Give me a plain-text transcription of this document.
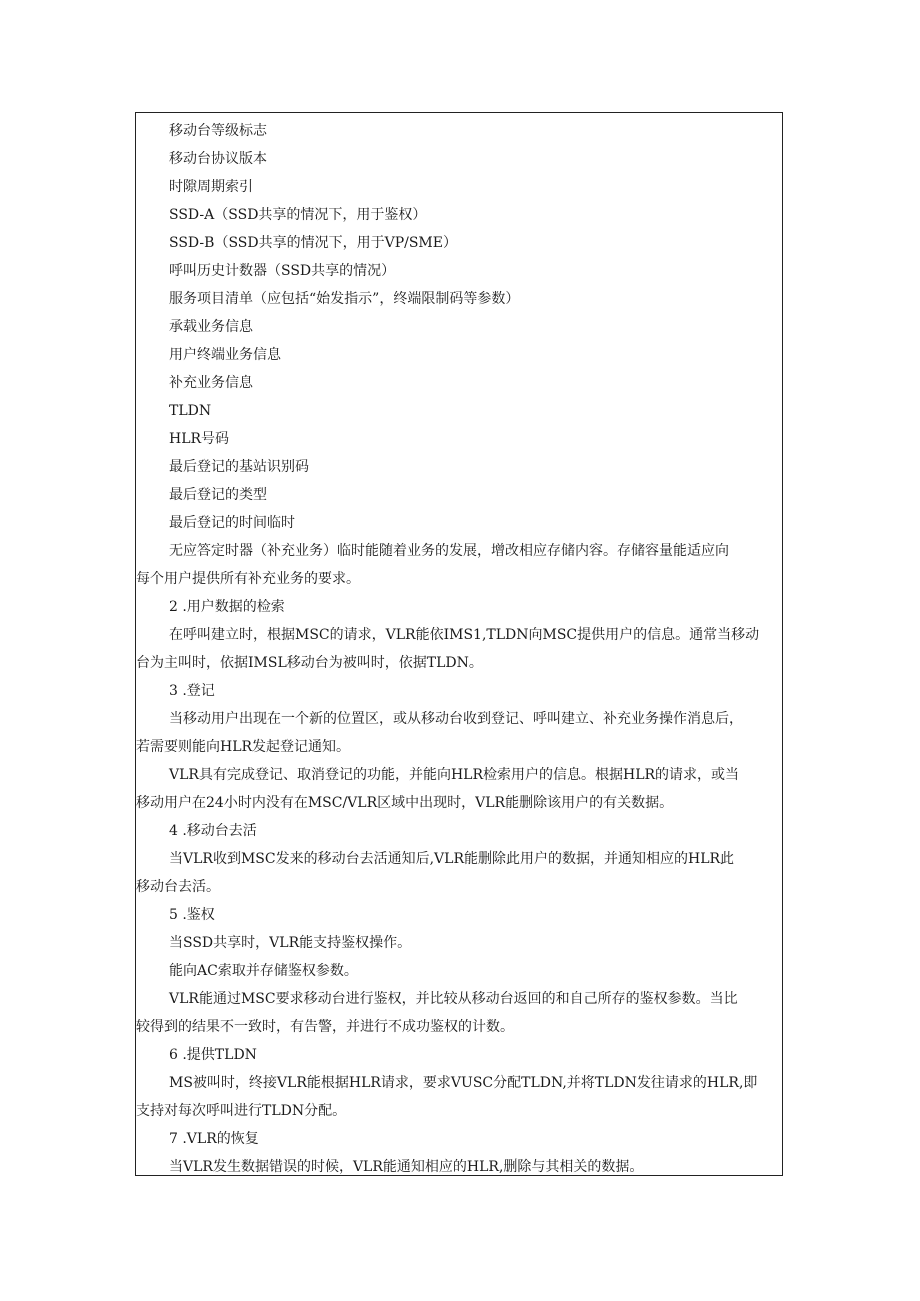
移动台等级标志

移动台协议版本

时隙周期索引

SSD-A（SSD共享的情况下，用于鉴权）

SSD-B（SSD共享的情况下，用于VP/SME）

呼叫历史计数器（SSD共享的情况）

服务项目清单（应包括“始发指示”，终端限制码等参数）

承载业务信息

用户终端业务信息

补充业务信息

TLDN

HLR号码

最后登记的基站识别码

最后登记的类型

最后登记的时间临时

无应答定时器（补充业务）临时能随着业务的发展，增改相应存储内容。存储容量能适应向

每个用户提供所有补充业务的要求。

2 .用户数据的检索

在呼叫建立时，根据MSC的请求，VLR能依IMS1,TLDN向MSC提供用户的信息。通常当移动

台为主叫时，依据IMSL移动台为被叫时，依据TLDN。

3 .登记

当移动用户出现在一个新的位置区，或从移动台收到登记、呼叫建立、补充业务操作消息后，

若需要则能向HLR发起登记通知。

VLR具有完成登记、取消登记的功能，并能向HLR检索用户的信息。根据HLR的请求，或当

移动用户在24小时内没有在MSC/VLR区域中出现时，VLR能删除该用户的有关数据。

4 .移动台去活

当VLR收到MSC发来的移动台去活通知后,VLR能删除此用户的数据，并通知相应的HLR此

移动台去活。

5 .鉴权

当SSD共享时，VLR能支持鉴权操作。

能向AC索取并存储鉴权参数。

VLR能通过MSC要求移动台进行鉴权，并比较从移动台返回的和自己所存的鉴权参数。当比

较得到的结果不一致时，有告警，并进行不成功鉴权的计数。

6 .提供TLDN

MS被叫时，终接VLR能根据HLR请求，要求VUSC分配TLDN,并将TLDN发往请求的HLR,即

支持对每次呼叫进行TLDN分配。

7 .VLR的恢复

当VLR发生数据错误的时候，VLR能通知相应的HLR,删除与其相关的数据。
